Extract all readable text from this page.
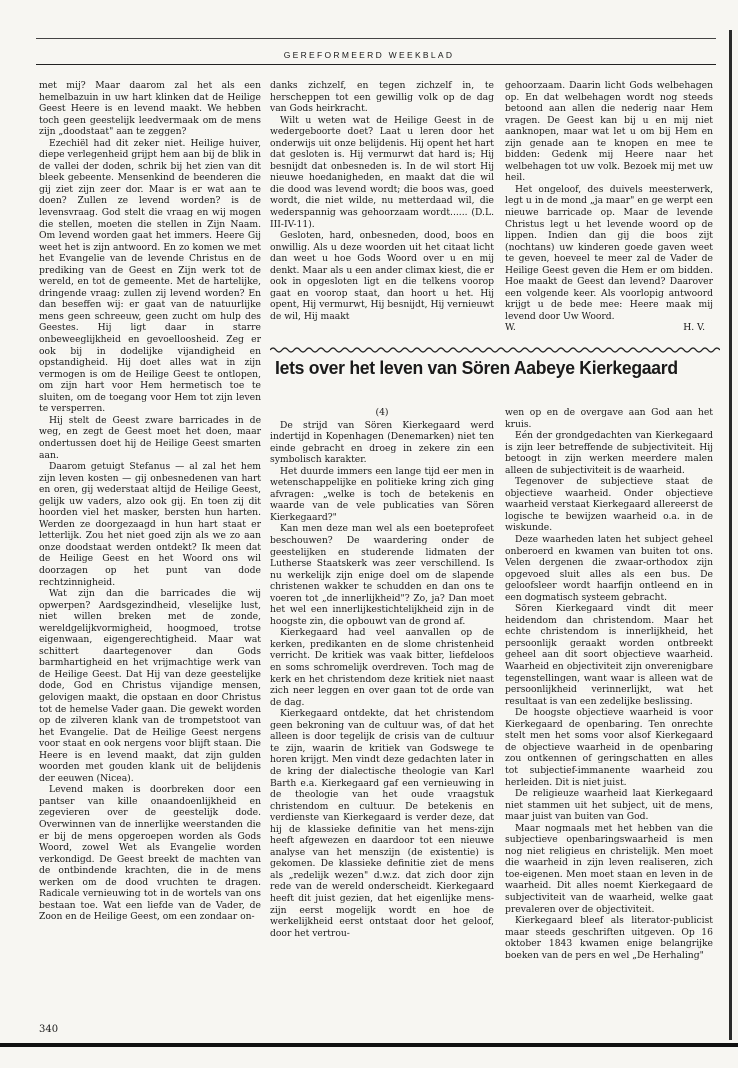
GEREFORMEERD WEEKBLAD

met mij? Maar daarom zal het als een hemelbazuin in uw hart klinken dat de Heilige Geest Heere is en levend maakt. We hebben toch geen geestelijk leedvermaak om de mens zijn „doodstaat" aan te zeggen?

Ezechiël had dit zeker niet. Heilige huiver, diepe verlegenheid grijpt hem aan bij de blik in de vallei der doden, schrik bij het zien van dit bleek gebeente. Mensenkind de beenderen die gij ziet zijn zeer dor. Maar is er wat aan te doen? Zullen ze levend worden? is de levensvraag. God stelt die vraag en wij mogen die stellen, moeten die stellen in Zijn Naam. Om levend worden gaat het immers. Heere Gij weet het is zijn antwoord. En zo komen we met het Evangelie van de levende Christus en de prediking van de Geest en Zijn werk tot de wereld, en tot de gemeente. Met de hartelijke, dringende vraag: zullen zij levend worden? En dan beseffen wij: er gaat van de natuurlijke mens geen schreeuw, geen zucht om hulp des Geestes. Hij ligt daar in starre onbeweeglijkheid en gevoelloosheid. Zeg er ook bij in dodelijke vijandigheid en opstandigheid. Hij doet alles wat in zijn vermogen is om de Heilige Geest te ontlopen, om zijn hart voor Hem hermetisch toe te sluiten, om de toegang voor Hem tot zijn leven te versperren.

Hij stelt de Geest zware barricades in de weg, en zegt de Geest moet het doen, maar ondertussen doet hij de Heilige Geest smarten aan.

Daarom getuigt Stefanus — al zal het hem zijn leven kosten — gij onbesnedenen van hart en oren, gij wederstaat altijd de Heilige Geest, gelijk uw vaders, alzo ook gij. En toen zij dit hoorden viel het masker, bersten hun harten. Werden ze doorgezaagd in hun hart staat er letterlijk. Zou het niet goed zijn als we zo aan onze doodstaat werden ontdekt? Ik meen dat de Heilige Geest en het Woord ons wil doorzagen op het punt van dode rechtzinnigheid.

Wat zijn dan die barricades die wij opwerpen? Aardsgezindheid, vleselijke lust, niet willen breken met de zonde, wereldgelijkvormigheid, hoogmoed, trotse eigenwaan, eigengerechtigheid. Maar wat schittert daartegenover dan Gods barmhartigheid en het vrijmachtige werk van de Heilige Geest. Dat Hij van deze geestelijke dode, God en Christus vijandige mensen, gelovigen maakt, die opstaan en door Christus tot de hemelse Vader gaan. Die gewekt worden op de zilveren klank van de trompetstoot van het Evangelie. Dat de Heilige Geest nergens voor staat en ook nergens voor blijft staan. Die Heere is en levend maakt, dat zijn gulden woorden met gouden klank uit de belijdenis der eeuwen (Nicea).

Levend maken is doorbreken door een pantser van kille onaandoenlijkheid en zegevieren over de geestelijk dode. Overwinnen van de innerlijke weerstanden die er bij de mens opgeroepen worden als Gods Woord, zowel Wet als Evangelie worden verkondigd. De Geest breekt de machten van de ontbindende krachten, die in de mens werken om de dood vruchten te dragen. Radicale vernieuwing tot in de wortels van ons bestaan toe. Wat een liefde van de Vader, de Zoon en de Heilige Geest, om een zondaar on-

danks zichzelf, en tegen zichzelf in, te herscheppen tot een gewillig volk op de dag van Gods heirkracht.

Wilt u weten wat de Heilige Geest in de wedergeboorte doet? Laat u leren door het onderwijs uit onze belijdenis. Hij opent het hart dat gesloten is. Hij vermurwt dat hard is; Hij besnijdt dat onbesneden is. In de wil stort Hij nieuwe hoedanigheden, en maakt dat die wil die dood was levend wordt; die boos was, goed wordt, die niet wilde, nu metterdaad wil, die wederspannig was gehoorzaam wordt...... (D.L. III-IV-11).

Gesloten, hard, onbesneden, dood, boos en onwillig. Als u deze woorden uit het citaat licht dan weet u hoe Gods Woord over u en mij denkt. Maar als u een ander climax kiest, die er ook in opgesloten ligt en die telkens voorop gaat en voorop staat, dan hoort u het. Hij opent, Hij vermurwt, Hij besnijdt, Hij vernieuwt de wil, Hij maakt

gehoorzaam. Daarin licht Gods welbehagen op. En dat welbehagen wordt nog steeds betoond aan allen die nederig naar Hem vragen. De Geest kan bij u en mij niet aanknopen, maar wat let u om bij Hem en zijn genade aan te knopen en mee te bidden: Gedenk mij Heere naar het welbehagen tot uw volk. Bezoek mij met uw heil.

Het ongeloof, des duivels meesterwerk, legt u in de mond „ja maar" en ge werpt een nieuwe barricade op. Maar de levende Christus legt u het levende woord op de lippen. Indien dan gij die boos zijt (nochtans) uw kinderen goede gaven weet te geven, hoeveel te meer zal de Vader de Heilige Geest geven die Hem er om bidden. Hoe maakt de Geest dan levend? Daarover een volgende keer. Als voorlopig antwoord krijgt u de bede mee: Heere maak mij levend door Uw Woord.

W.	H. V.

Iets over het leven van Sören Aabeye Kierkegaard

(4)

De strijd van Sören Kierkegaard werd indertijd in Kopenhagen (Denemarken) niet ten einde gebracht en droeg in zekere zin een symbolisch karakter.

Het duurde immers een lange tijd eer men in wetenschappelijke en politieke kring zich ging afvragen: „welke is toch de betekenis en waarde van de vele publicaties van Sören Kierkegaard?"

Kan men deze man wel als een boeteprofeet beschouwen? De waardering onder de geestelijken en studerende lidmaten der Lutherse Staatskerk was zeer verschillend. Is nu werkelijk zijn enige doel om de slapende christenen wakker te schudden en dan ons te voeren tot „de innerlijkheid"? Zo, ja? Dan moet het wel een innerlijkestichtelijkheid zijn in de hoogste zin, die opbouwt van de grond af.

Kierkegaard had veel aanvallen op de kerken, predikanten en de slome christenheid verricht. De kritiek was vaak bitter, liefdeloos en soms schromelijk overdreven. Toch mag de kerk en het christendom deze kritiek niet naast zich neer leggen en over gaan tot de orde van de dag.

Kierkegaard ontdekte, dat het christendom geen bekroning van de cultuur was, of dat het alleen is door tegelijk de crisis van de cultuur te zijn, waarin de kritiek van Godswege te horen krijgt. Men vindt deze gedachten later in de kring der dialectische theologie van Karl Barth e.a. Kierkegaard gaf een vernieuwing in de theologie van het oude vraagstuk christendom en cultuur. De betekenis en verdienste van Kierkegaard is verder deze, dat hij de klassieke definitie van het mens-zijn heeft afgewezen en daardoor tot een nieuwe analyse van het menszijn (de existentie) is gekomen. De klassieke definitie ziet de mens als „redelijk wezen" d.w.z. dat zich door zijn rede van de wereld onderscheidt. Kierkegaard heeft dit juist gezien, dat het eigenlijke mens-zijn eerst mogelijk wordt en hoe de werkelijkheid eerst ontstaat door het geloof, door het vertrou-

wen op en de overgave aan God aan het kruis.

Eén der grondgedachten van Kierkegaard is zijn leer betreffende de subjectiviteit. Hij betoogt in zijn werken meerdere malen alleen de subjectiviteit is de waarheid.

Tegenover de subjectieve staat de objectieve waarheid. Onder objectieve waarheid verstaat Kierkegaard allereerst de logische te bewijzen waarheid o.a. in de wiskunde.

Deze waarheden laten het subject geheel onberoerd en kwamen van buiten tot ons. Velen dergenen die zwaar-orthodox zijn opgevoed sluit alles als een bus. De geloofsleer wordt haarfijn ontleend en in een dogmatisch systeem gebracht.

Sören Kierkegaard vindt dit meer heidendom dan christendom. Maar het echte christendom is innerlijkheid, het persoonlijk geraakt worden ontbreekt geheel aan dit soort objectieve waarheid. Waarheid en objectiviteit zijn onverenigbare tegenstellingen, want waar is alleen wat de persoonlijkheid verinnerlijkt, wat het resultaat is van een zedelijke beslissing.

De hoogste objectieve waarheid is voor Kierkegaard de openbaring. Ten onrechte stelt men het soms voor alsof Kierkegaard de objectieve waarheid in de openbaring zou ontkennen of geringschatten en alles tot subjectief-immanente waarheid zou herleiden. Dit is niet juist.

De religieuze waarheid laat Kierkegaard niet stammen uit het subject, uit de mens, maar juist van buiten van God.

Maar nogmaals met het hebben van die subjectieve openbaringswaarheid is men nog niet religieus en christelijk. Men moet die waarheid in zijn leven realiseren, zich toe-eigenen. Men moet staan en leven in de waarheid. Dit alles noemt Kierkegaard de subjectiviteit van de waarheid, welke gaat prevaleren over de objectiviteit.

Kierkegaard bleef als literator-publicist maar steeds geschriften uitgeven. Op 16 oktober 1843 kwamen enige belangrijke boeken van de pers en wel „De Herhaling"

340
